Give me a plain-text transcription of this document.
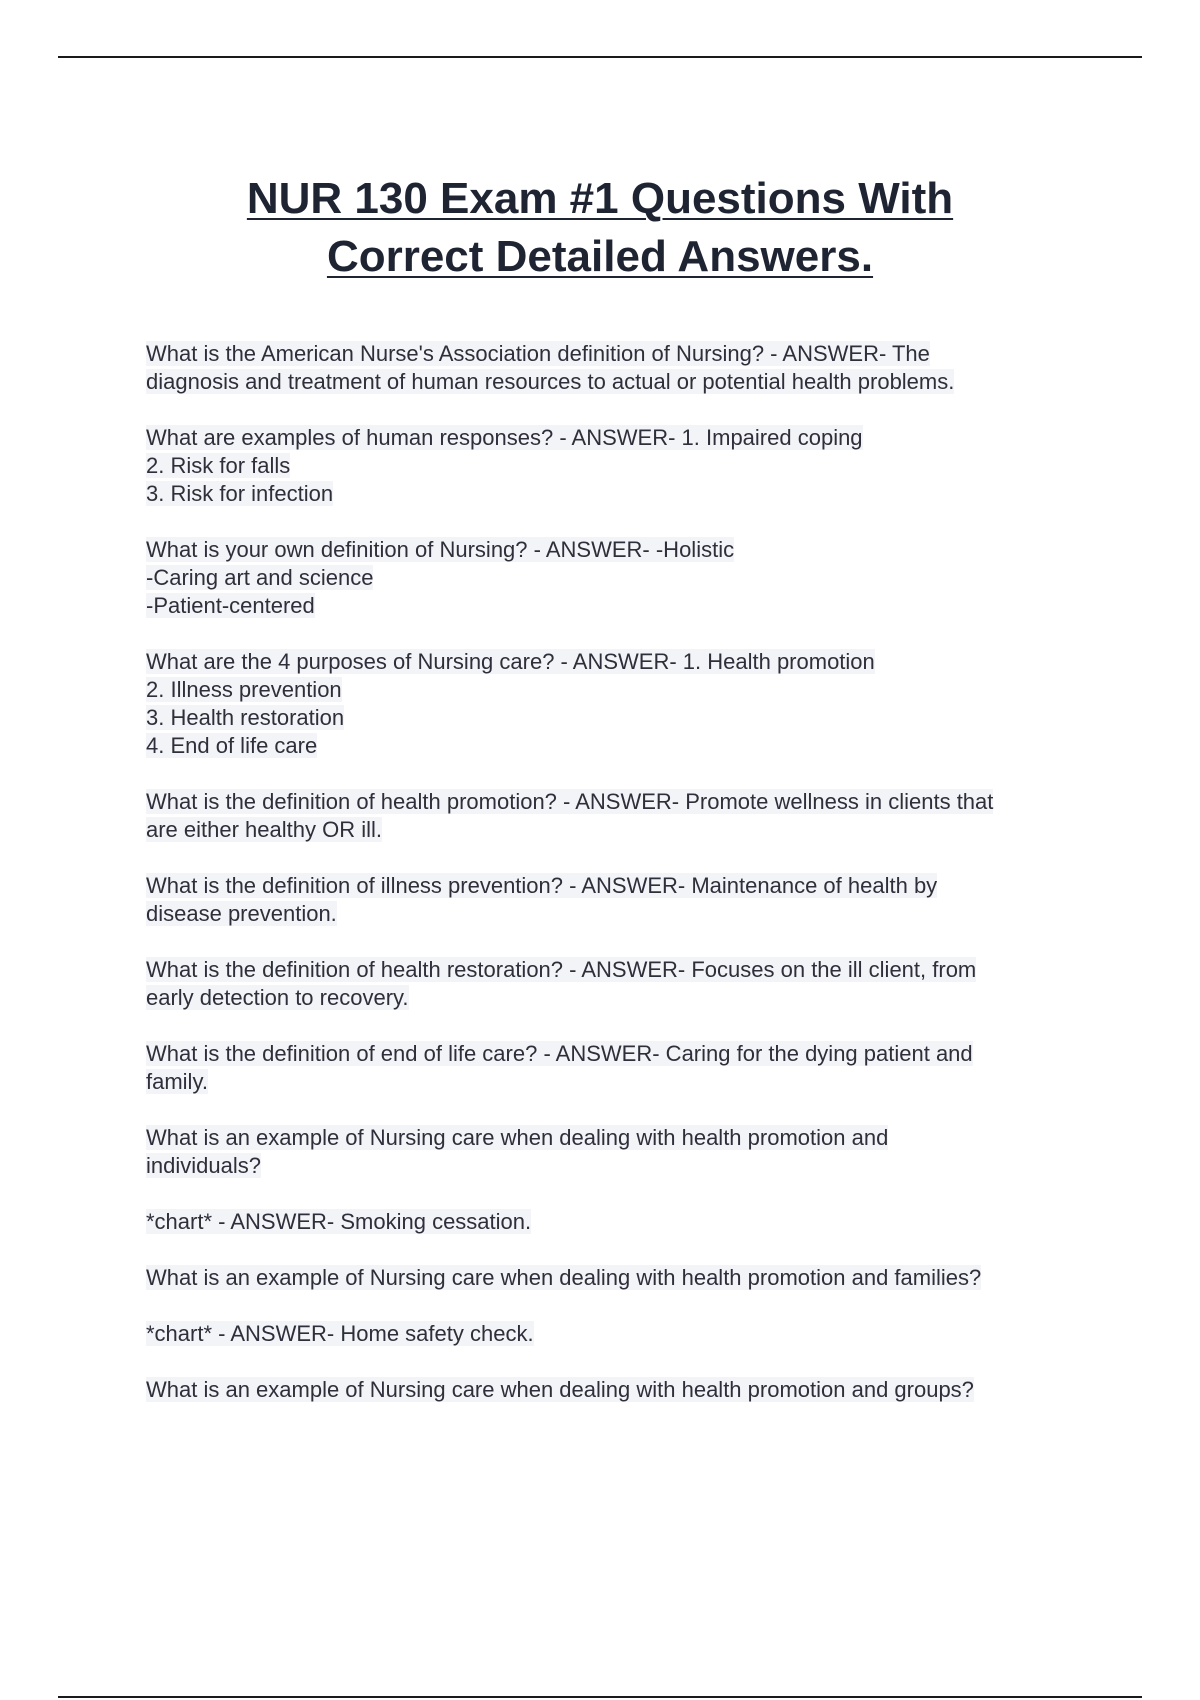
NUR 130 Exam #1 Questions With
Correct Detailed Answers.
What is the American Nurse's Association definition of Nursing? - ANSWER- The
diagnosis and treatment of human resources to actual or potential health problems.
What are examples of human responses? - ANSWER- 1. Impaired coping
2. Risk for falls
3. Risk for infection
What is your own definition of Nursing? - ANSWER- -Holistic
-Caring art and science
-Patient-centered
What are the 4 purposes of Nursing care? - ANSWER- 1. Health promotion
2. Illness prevention
3. Health restoration
4. End of life care
What is the definition of health promotion? - ANSWER- Promote wellness in clients that
are either healthy OR ill.
What is the definition of illness prevention? - ANSWER- Maintenance of health by
disease prevention.
What is the definition of health restoration? - ANSWER- Focuses on the ill client, from
early detection to recovery.
What is the definition of end of life care? - ANSWER- Caring for the dying patient and
family.
What is an example of Nursing care when dealing with health promotion and
individuals?
*chart* - ANSWER- Smoking cessation.
What is an example of Nursing care when dealing with health promotion and families?
*chart* - ANSWER- Home safety check.
What is an example of Nursing care when dealing with health promotion and groups?
